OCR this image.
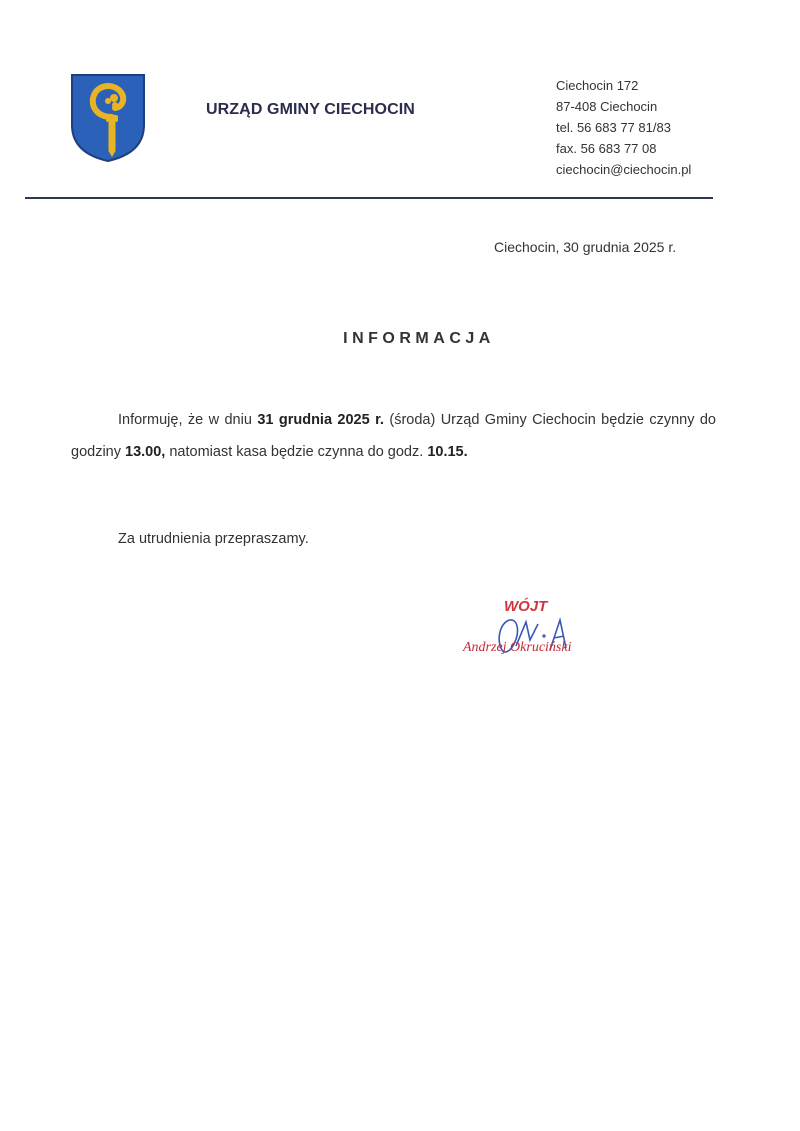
URZĄD GMINY CIECHOCIN
Ciechocin 172
87-408 Ciechocin
tel. 56 683 77 81/83
fax. 56 683 77 08
ciechocin@ciechocin.pl
Ciechocin, 30 grudnia 2025 r.
INFORMACJA
Informuję, że w dniu 31 grudnia 2025 r. (środa) Urząd Gminy Ciechocin będzie czynny do godziny 13.00, natomiast kasa będzie czynna do godz. 10.15.
Za utrudnienia przepraszamy.
WÓJT
Andrzej Okruciński
